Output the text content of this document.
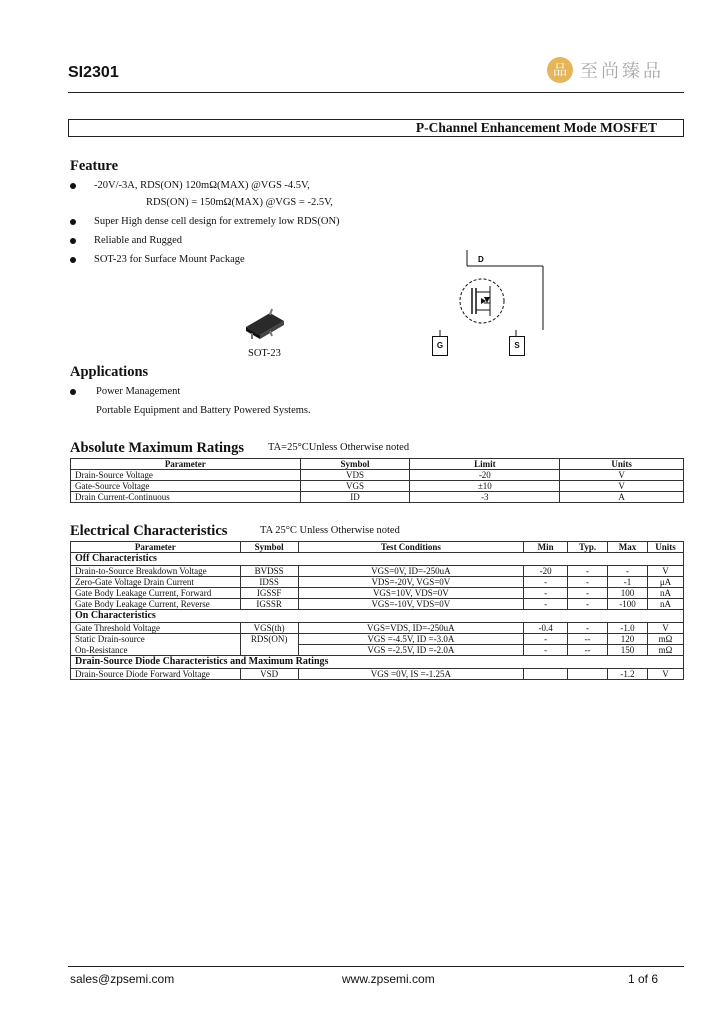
SI2301	品 至尚臻品
P-Channel Enhancement Mode MOSFET
Feature
-20V/-3A, RDS(ON) 120mΩ(MAX) @VGS -4.5V,
RDS(ON) = 150mΩ(MAX) @VGS = -2.5V,
Super High dense cell design for extremely low RDS(ON)
Reliable and Rugged
SOT-23 for Surface Mount Package
SOT-23
D
G	S
Applications
Power Management
Portable Equipment and Battery Powered Systems.
Absolute Maximum Ratings TA=25°CUnless Otherwise noted
Parameter	Symbol	Limit	Units
Drain-Source Voltage	VDS	-20	V
Gate-Source Voltage	VGS	±10	V
Drain Current-Continuous	ID	-3	A
Electrical Characteristics	TA 25°C Unless Otherwise noted
Parameter	Symbol	Test Conditions	Min	Typ.	Max	Units
Off Characteristics						
Drain-to-Source Breakdown Voltage	BVDSS	VGS=0V, ID=-250uA	-20	-	-	V
Zero-Gate Voltage Drain Current	IDSS	VDS=-20V, VGS=0V	-	-	-1	μA
Gate Body Leakage Current, Forward	IGSSF	VGS=10V, VDS=0V	-	-	100	nA
Gate Body Leakage Current, Reverse	IGSSR	VGS=-10V, VDS=0V	-	-	-100	nA
On Characteristics						
Gate Threshold Voltage	VGS(th)	VGS=VDS, ID=-250uA	-0.4	-	-1.0	V
Static Drain-source	RDS(ON)	VGS =-4.5V, ID =-3.0A	-	--	120	mΩ
On-Resistance		VGS =-2.5V, ID =-2.0A	-	--	150	mΩ
Drain-Source Diode Characteristics and Maximum Ratings						
Drain-Source Diode Forward Voltage	VSD	VGS =0V, IS =-1.25A			-1.2	V
sales@zpsemi.com	www.zpsemi.com	1 of 6
